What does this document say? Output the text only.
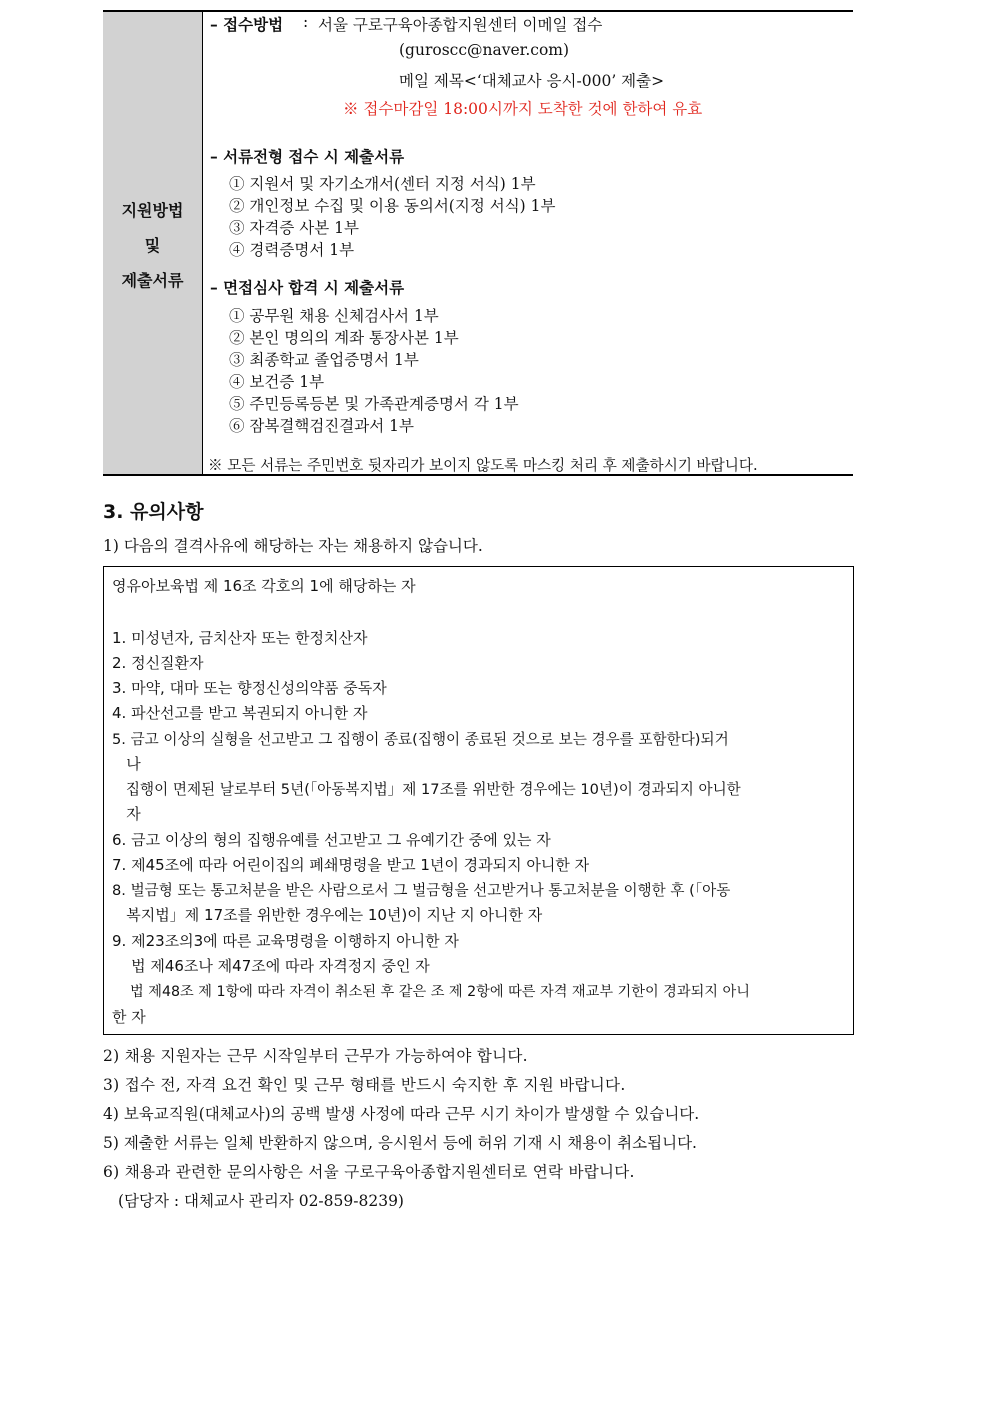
지원방법
및
제출서류
– 접수방법 : 서울 구로구육아종합지원센터 이메일 접수
(guroscc@naver.com)
메일 제목<‘대체교사 응시-000’ 제출>
※ 접수마감일 18:00시까지 도착한 것에 한하여 유효
– 서류전형 접수 시 제출서류
① 지원서 및 자기소개서(센터 지정 서식) 1부
② 개인정보 수집 및 이용 동의서(지정 서식) 1부
③ 자격증 사본 1부
④ 경력증명서 1부
– 면접심사 합격 시 제출서류
① 공무원 채용 신체검사서 1부
② 본인 명의의 계좌 통장사본 1부
③ 최종학교 졸업증명서 1부
④ 보건증 1부
⑤ 주민등록등본 및 가족관계증명서 각 1부
⑥ 잠복결핵검진결과서 1부
※ 모든 서류는 주민번호 뒷자리가 보이지 않도록 마스킹 처리 후 제출하시기 바랍니다.
3. 유의사항
1) 다음의 결격사유에 해당하는 자는 채용하지 않습니다.
영유아보육법 제 16조 각호의 1에 해당하는 자
1. 미성년자, 금치산자 또는 한정치산자
2. 정신질환자
3. 마약, 대마 또는 향정신성의약품 중독자
4. 파산선고를 받고 복권되지 아니한 자
5. 금고 이상의 실형을 선고받고 그 집행이 종료(집행이 종료된 것으로 보는 경우를 포함한다)되거
나
집행이 면제된 날로부터 5년(「아동복지법」제 17조를 위반한 경우에는 10년)이 경과되지 아니한
자
6. 금고 이상의 형의 집행유예를 선고받고 그 유예기간 중에 있는 자
7. 제45조에 따라 어린이집의 폐쇄명령을 받고 1년이 경과되지 아니한 자
8. 벌금형 또는 통고처분을 받은 사람으로서 그 벌금형을 선고받거나 통고처분을 이행한 후 (「아동
복지법」제 17조를 위반한 경우에는 10년)이 지난 지 아니한 자
9. 제23조의3에 따른 교육명령을 이행하지 아니한 자
법 제46조나 제47조에 따라 자격정지 중인 자
법 제48조 제 1항에 따라 자격이 취소된 후 같은 조 제 2항에 따른 자격 재교부 기한이 경과되지 아니
한 자
2) 채용 지원자는 근무 시작일부터 근무가 가능하여야 합니다.
3) 접수 전, 자격 요건 확인 및 근무 형태를 반드시 숙지한 후 지원 바랍니다.
4) 보육교직원(대체교사)의 공백 발생 사정에 따라 근무 시기 차이가 발생할 수 있습니다.
5) 제출한 서류는 일체 반환하지 않으며, 응시원서 등에 허위 기재 시 채용이 취소됩니다.
6) 채용과 관련한 문의사항은 서울 구로구육아종합지원센터로 연락 바랍니다.
(담당자 : 대체교사 관리자 02-859-8239)
